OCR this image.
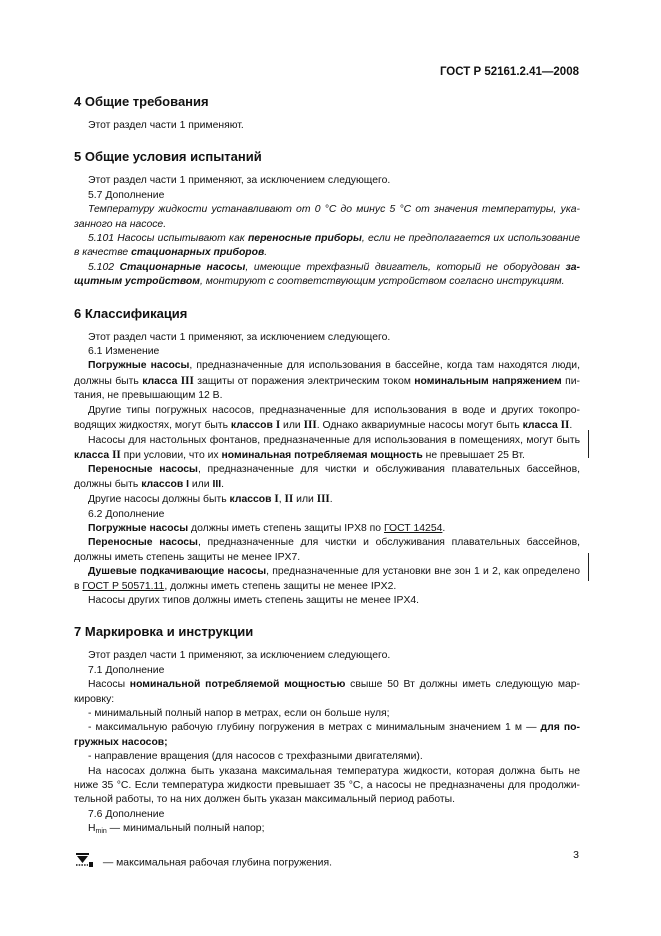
ГОСТ Р 52161.2.41—2008
4 Общие требования

Этот раздел части 1 применяют.

5 Общие условия испытаний

Этот раздел части 1 применяют, за исключением следующего.

5.7 Дополнение

Температуру жидкости устанавливают от 0 °С до минус 5 °С от значения температуры, указанного на насосе.

5.101 Насосы испытывают как переносные приборы, если не предполагается их использование в качестве стационарных приборов.

5.102 Стационарные насосы, имеющие трехфазный двигатель, который не оборудован защитным устройством, монтируют с соответствующим устройством согласно инструкциям.

6 Классификация

Этот раздел части 1 применяют, за исключением следующего.

6.1 Изменение

Погружные насосы, предназначенные для использования в бассейне, когда там находятся люди, должны быть класса III защиты от поражения электрическим током номинальным напряжением питания, не превышающим 12 В.

Другие типы погружных насосов, предназначенные для использования в воде и других токопроводящих жидкостях, могут быть классов I или III. Однако аквариумные насосы могут быть класса II.

Насосы для настольных фонтанов, предназначенные для использования в помещениях, могут быть класса II при условии, что их номинальная потребляемая мощность не превышает 25 Вт.

Переносные насосы, предназначенные для чистки и обслуживания плавательных бассейнов, должны быть классов I или III.

Другие насосы должны быть классов I, II или III.

6.2 Дополнение

Погружные насосы должны иметь степень защиты IPX8 по ГОСТ 14254.

Переносные насосы, предназначенные для чистки и обслуживания плавательных бассейнов, должны иметь степень защиты не менее IPX7.

Душевые подкачивающие насосы, предназначенные для установки вне зон 1 и 2, как определено в ГОСТ Р 50571.11, должны иметь степень защиты не менее IPX2.

Насосы других типов должны иметь степень защиты не менее IPX4.

7 Маркировка и инструкции

Этот раздел части 1 применяют, за исключением следующего.

7.1 Дополнение

Насосы номинальной потребляемой мощностью свыше 50 Вт должны иметь следующую маркировку:

- минимальный полный напор в метрах, если он больше нуля;

- максимальную рабочую глубину погружения в метрах с минимальным значением 1 м — для погружных насосов;

- направление вращения (для насосов с трехфазными двигателями).

На насосах должна быть указана максимальная температура жидкости, которая должна быть не ниже 35 °С. Если температура жидкости превышает 35 °С, а насосы не предназначены для продолжительной работы, то на них должен быть указан максимальный период работы.

7.6 Дополнение

$H_{min}$ — минимальный полный напор;

— максимальная рабочая глубина погружения.

3
